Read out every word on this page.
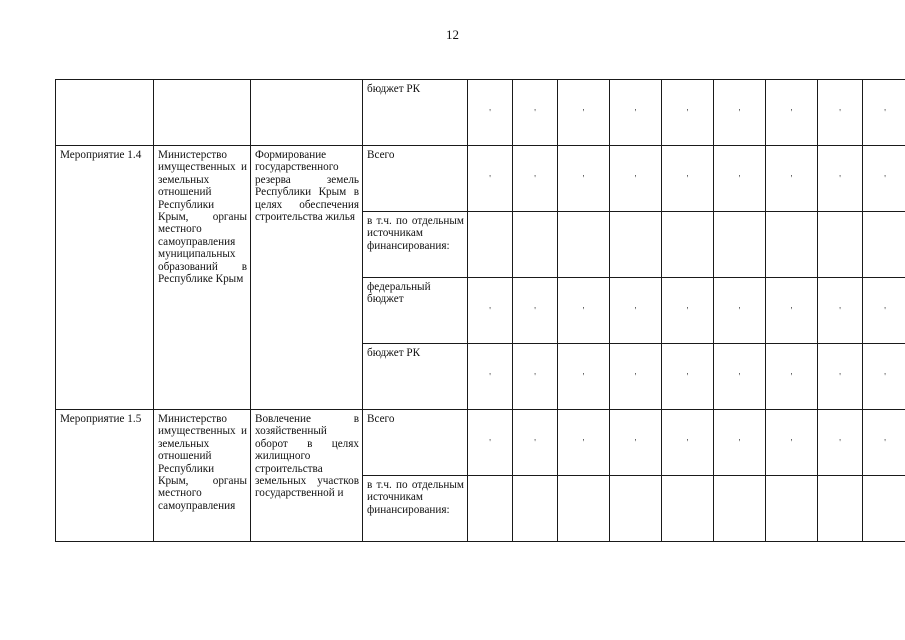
12
			бюджет РК	'	'	'	'	'	'	'	'	'

Мероприятие 1.4	Министерство имущественных и земельных отношений Республики Крым, органы местного самоуправления муниципальных образований в Республике Крым	Формирование государственного резерва земель Республики Крым в целях обеспечения строительства жилья	Всего	'	'	'	'	'	'	'	'	'

			в т.ч. по отдельным источникам финансирования:									
			федеральный бюджет	'	'	'	'	'	'	'	'	'

			бюджет РК	'	'	'	'	'	'	'	'	'

Мероприятие 1.5	Министерство имущественных и земельных отношений Республики Крым, органы местного самоуправления	Вовлечение в хозяйственный оборот в целях жилищного строительства земельных участков государственной и	Всего	'	'	'	'	'	'	'	'	'

			в т.ч. по отдельным источникам финансирования:									
